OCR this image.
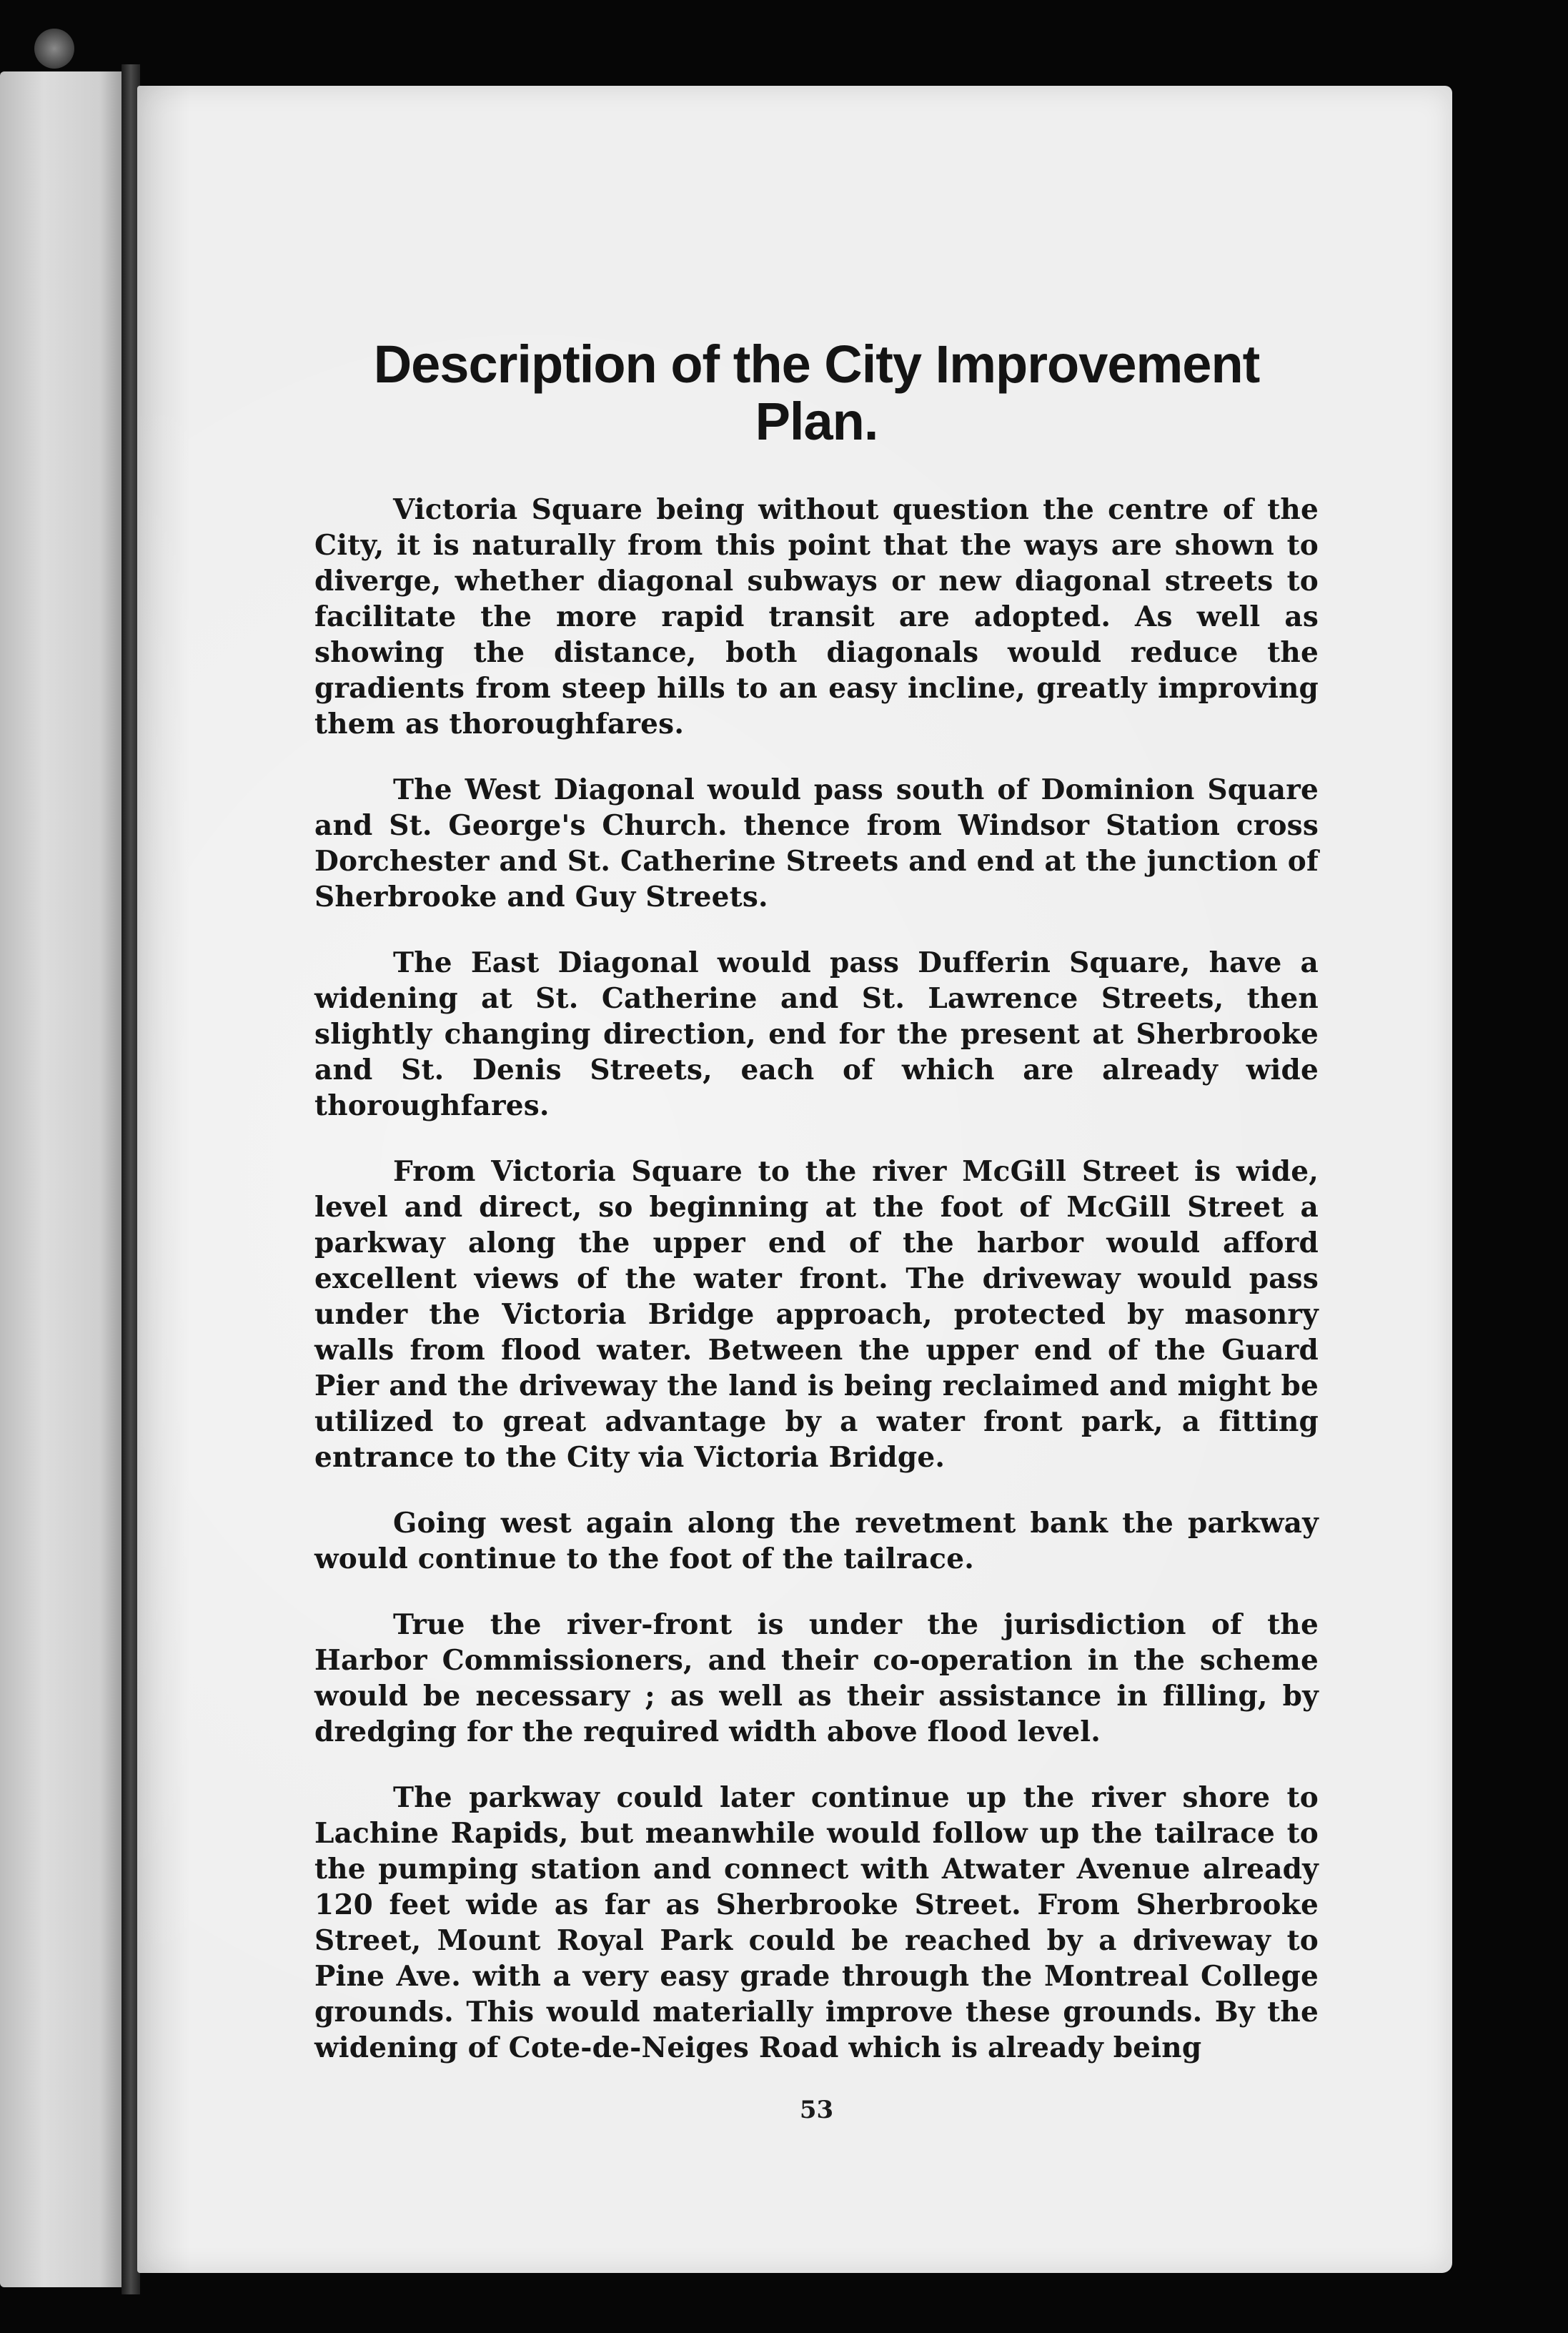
Description of the City Improvement Plan.

Victoria Square being without question the centre of the City, it is naturally from this point that the ways are shown to diverge, whether diagonal subways or new diagonal streets to facilitate the more rapid transit are adopted. As well as showing the distance, both diagonals would reduce the gradients from steep hills to an easy incline, greatly improving them as thoroughfares.

The West Diagonal would pass south of Dominion Square and St. George's Church. thence from Windsor Station cross Dorchester and St. Catherine Streets and end at the junction of Sherbrooke and Guy Streets.

The East Diagonal would pass Dufferin Square, have a widening at St. Catherine and St. Lawrence Streets, then slightly changing direction, end for the present at Sherbrooke and St. Denis Streets, each of which are already wide thoroughfares.

From Victoria Square to the river McGill Street is wide, level and direct, so beginning at the foot of McGill Street a parkway along the upper end of the harbor would afford excellent views of the water front. The driveway would pass under the Victoria Bridge approach, protected by masonry walls from flood water. Between the upper end of the Guard Pier and the driveway the land is being reclaimed and might be utilized to great advantage by a water front park, a fitting entrance to the City via Victoria Bridge.

Going west again along the revetment bank the parkway would continue to the foot of the tailrace.

True the river-front is under the jurisdiction of the Harbor Commissioners, and their co-operation in the scheme would be necessary ; as well as their assistance in filling, by dredging for the required width above flood level.

The parkway could later continue up the river shore to Lachine Rapids, but meanwhile would follow up the tailrace to the pumping station and connect with Atwater Avenue already 120 feet wide as far as Sherbrooke Street. From Sherbrooke Street, Mount Royal Park could be reached by a driveway to Pine Ave. with a very easy grade through the Montreal College grounds. This would materially improve these grounds. By the widening of Cote-de-Neiges Road which is already being

53
